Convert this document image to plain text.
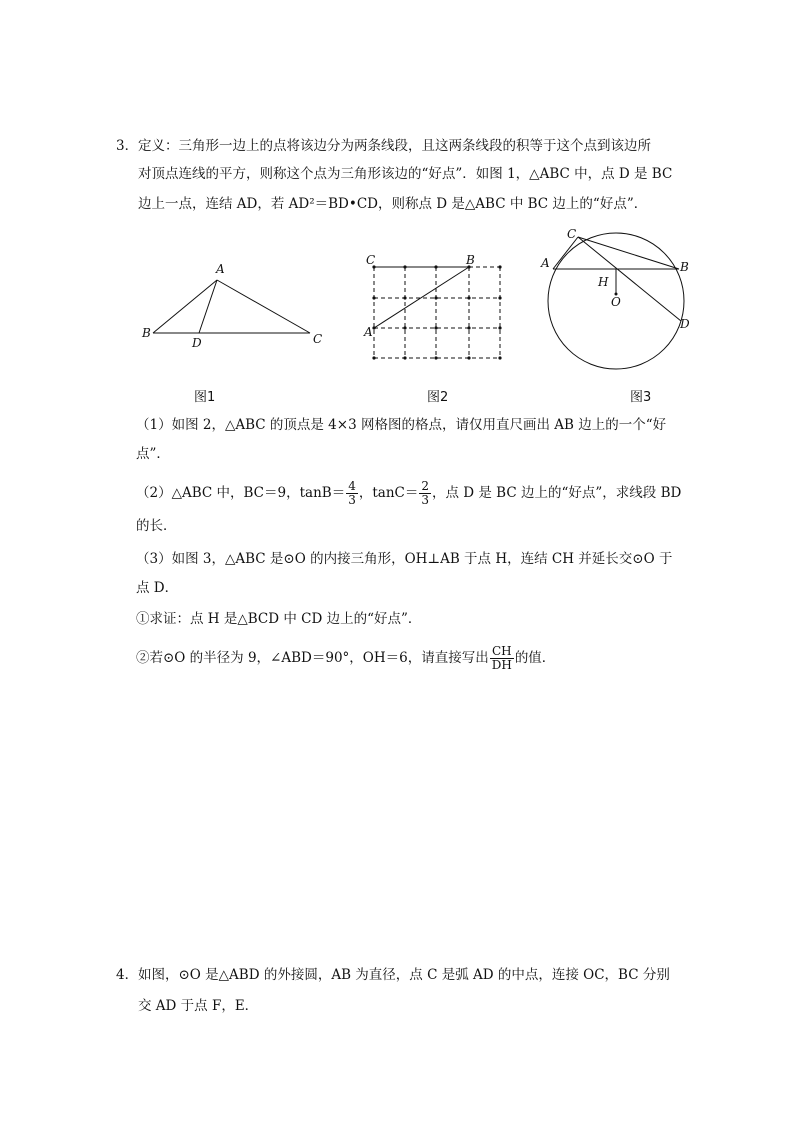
3． 定义：三角形一边上的点将该边分为两条线段，且这两条线段的积等于这个点到该边所
对顶点连线的平方，则称这个点为三角形该边的“好点”．如图 1，△ABC 中，点 D 是 BC
边上一点，连结 AD，若 AD²＝BD•CD，则称点 D 是△ABC 中 BC 边上的“好点”．
A
B	C
D
C	B
A
C
A	B
H
O
D
图1	图2	图3
（1）如图 2，△ABC 的顶点是 4×3 网格图的格点，请仅用直尺画出 AB 边上的一个“好
点”．
（2）△ABC 中，BC＝9，$\tan B= \frac{4}{3}$ ，$\tan C= \frac{2}{3}$ ，点 D 是 BC 边上的“好点”，求线段 BD
的长．
（3）如图 3，△ABC 是⊙O 的内接三角形，OH⊥AB 于点 H，连结 CH 并延长交⊙O 于
点 D．
①求证：点 H 是△BCD 中 CD 边上的“好点”．
②若⊙O 的半径为 9，∠ABD＝90°，OH＝6，请直接写出 $\frac{CH}{DH}$ 的值．
4． 如图，⊙O 是△ABD 的外接圆，AB 为直径，点 C 是弧 AD 的中点，连接 OC，BC 分别
交 AD 于点 F，E．
